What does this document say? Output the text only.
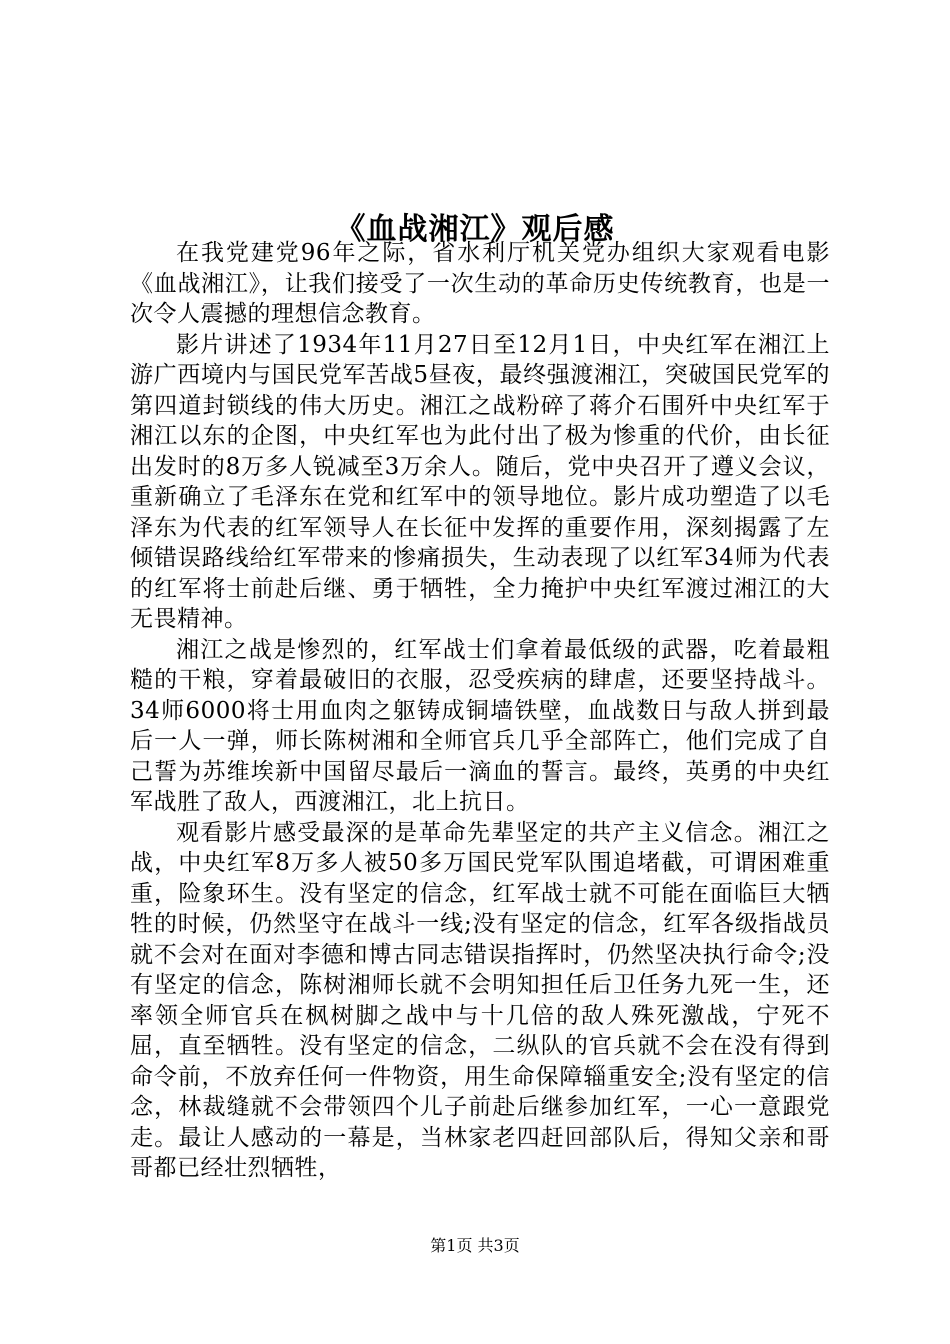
《血战湘江》观后感

在我党建党96年之际，省水利厅机关党办组织大家观看电影《血战湘江》，让我们接受了一次生动的革命历史传统教育，也是一次令人震撼的理想信念教育。

影片讲述了1934年11月27日至12月1日，中央红军在湘江上游广西境内与国民党军苦战5昼夜，最终强渡湘江，突破国民党军的第四道封锁线的伟大历史。湘江之战粉碎了蒋介石围歼中央红军于湘江以东的企图，中央红军也为此付出了极为惨重的代价，由长征出发时的8万多人锐减至3万余人。随后，党中央召开了遵义会议，重新确立了毛泽东在党和红军中的领导地位。影片成功塑造了以毛泽东为代表的红军领导人在长征中发挥的重要作用，深刻揭露了左倾错误路线给红军带来的惨痛损失，生动表现了以红军34师为代表的红军将士前赴后继、勇于牺牲，全力掩护中央红军渡过湘江的大无畏精神。

湘江之战是惨烈的，红军战士们拿着最低级的武器，吃着最粗糙的干粮，穿着最破旧的衣服，忍受疾病的肆虐，还要坚持战斗。34师6000将士用血肉之躯铸成铜墙铁壁，血战数日与敌人拼到最后一人一弹，师长陈树湘和全师官兵几乎全部阵亡，他们完成了自己誓为苏维埃新中国留尽最后一滴血的誓言。最终，英勇的中央红军战胜了敌人，西渡湘江，北上抗日。

观看影片感受最深的是革命先辈坚定的共产主义信念。湘江之战，中央红军8万多人被50多万国民党军队围追堵截，可谓困难重重，险象环生。没有坚定的信念，红军战士就不可能在面临巨大牺牲的时候，仍然坚守在战斗一线;没有坚定的信念，红军各级指战员就不会对在面对李德和博古同志错误指挥时，仍然坚决执行命令;没有坚定的信念，陈树湘师长就不会明知担任后卫任务九死一生，还率领全师官兵在枫树脚之战中与十几倍的敌人殊死激战，宁死不屈，直至牺牲。没有坚定的信念，二纵队的官兵就不会在没有得到命令前，不放弃任何一件物资，用生命保障辎重安全;没有坚定的信念，林裁缝就不会带领四个儿子前赴后继参加红军，一心一意跟党走。最让人感动的一幕是，当林家老四赶回部队后，得知父亲和哥哥都已经壮烈牺牲，

第1页 共3页
